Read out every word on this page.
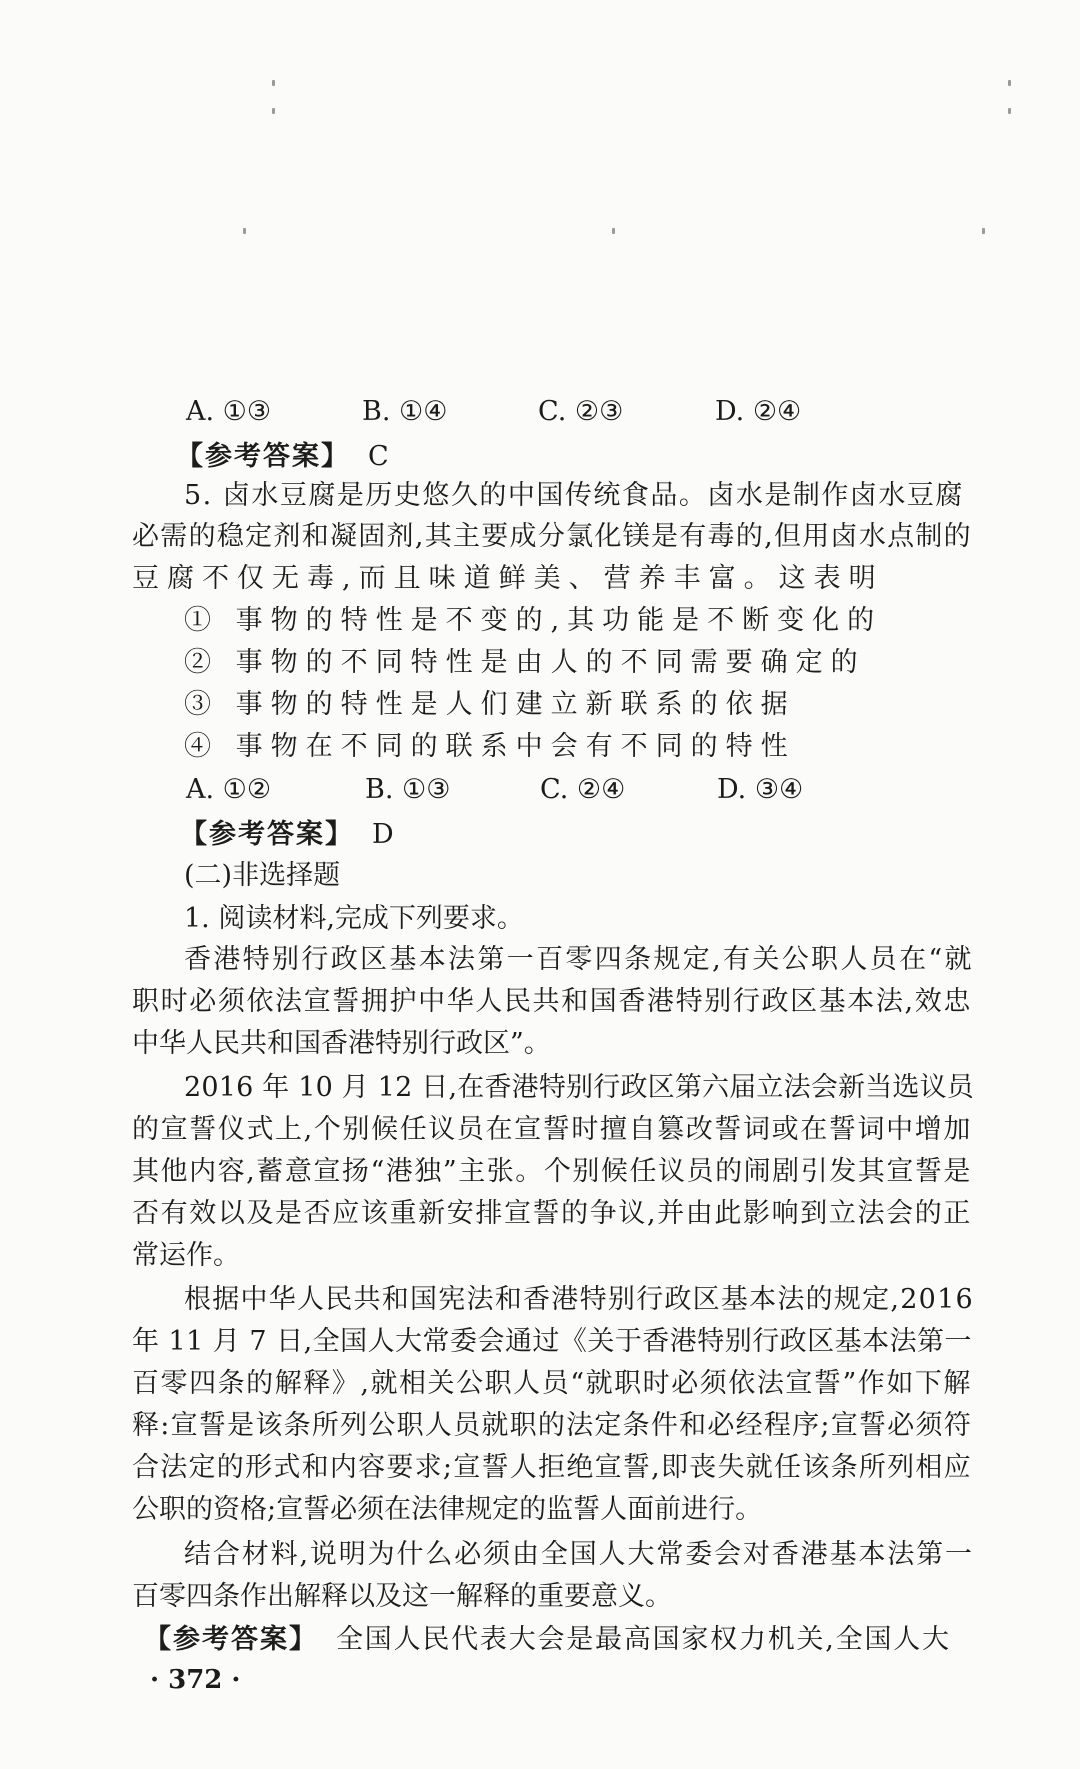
A. ①③	B. ①④	C. ②③	D. ②④
【参考答案】 C
5. 卤水豆腐是历史悠久的中国传统食品。卤水是制作卤水豆腐
必需的稳定剂和凝固剂,其主要成分氯化镁是有毒的,但用卤水点制的
豆腐不仅无毒,而且味道鲜美、营养丰富。这表明
① 事物的特性是不变的,其功能是不断变化的
② 事物的不同特性是由人的不同需要确定的
③ 事物的特性是人们建立新联系的依据
④ 事物在不同的联系中会有不同的特性
A. ①②	B. ①③	C. ②④	D. ③④
【参考答案】 D
(二)非选择题
1. 阅读材料,完成下列要求。
香港特别行政区基本法第一百零四条规定,有关公职人员在“就
职时必须依法宣誓拥护中华人民共和国香港特别行政区基本法,效忠
中华人民共和国香港特别行政区”。
2016 年 10 月 12 日,在香港特别行政区第六届立法会新当选议员
的宣誓仪式上,个别候任议员在宣誓时擅自篡改誓词或在誓词中增加
其他内容,蓄意宣扬“港独”主张。个别候任议员的闹剧引发其宣誓是
否有效以及是否应该重新安排宣誓的争议,并由此影响到立法会的正
常运作。
根据中华人民共和国宪法和香港特别行政区基本法的规定,2016
年 11 月 7 日,全国人大常委会通过《关于香港特别行政区基本法第一
百零四条的解释》,就相关公职人员“就职时必须依法宣誓”作如下解
释:宣誓是该条所列公职人员就职的法定条件和必经程序;宣誓必须符
合法定的形式和内容要求;宣誓人拒绝宣誓,即丧失就任该条所列相应
公职的资格;宣誓必须在法律规定的监誓人面前进行。
结合材料,说明为什么必须由全国人大常委会对香港基本法第一
百零四条作出解释以及这一解释的重要意义。
【参考答案】 全国人民代表大会是最高国家权力机关,全国人大
· 372 ·
